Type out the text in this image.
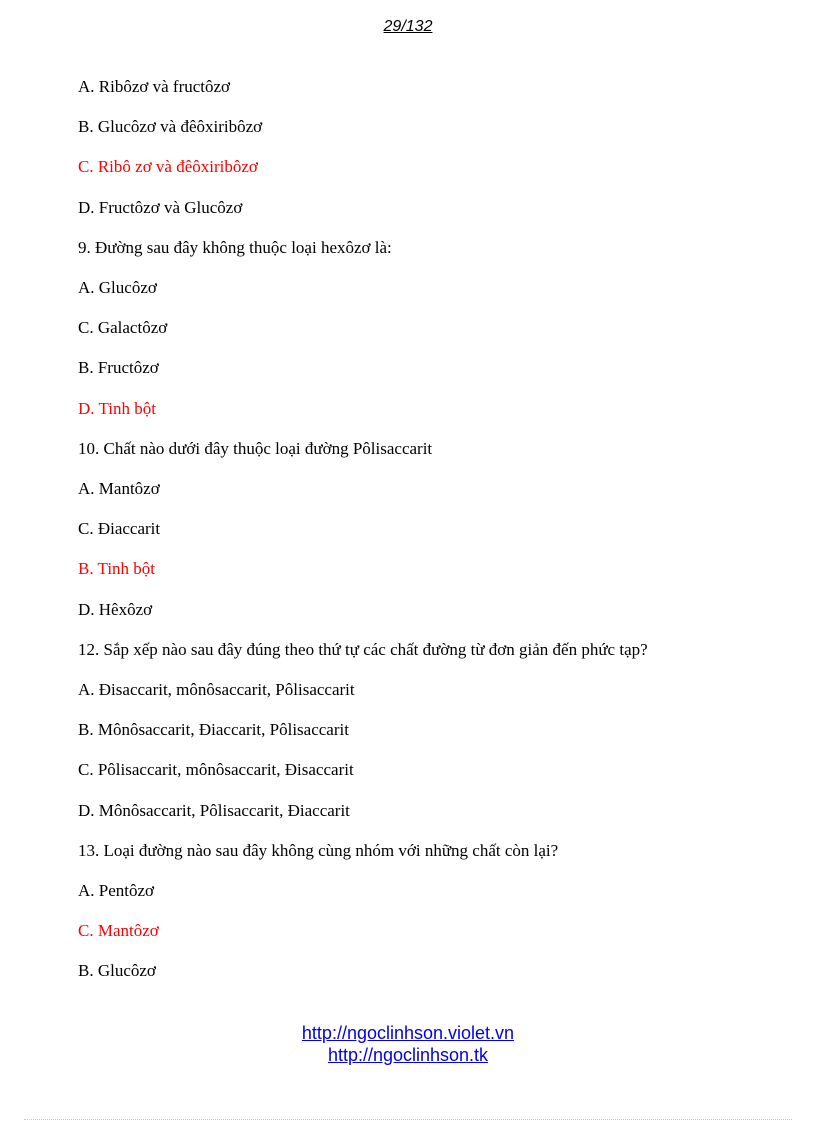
29/132
A. Ribôzơ và fructôzơ
B. Glucôzơ và đêôxiribôzơ
C. Ribô zơ và đêôxiribôzơ
D. Fructôzơ và Glucôzơ
9. Đường sau đây không thuộc loại hexôzơ là:
A. Glucôzơ
C. Galactôzơ
B. Fructôzơ
D. Tinh bột
10. Chất nào dưới đây thuộc loại đường Pôlisaccarit
A. Mantôzơ
C. Điaccarit
B. Tinh bột
D. Hêxôzơ
12. Sắp xếp nào sau đây đúng theo thứ tự các chất đường từ đơn giản đến phức tạp?
A. Đisaccarit, mônôsaccarit, Pôlisaccarit
B. Mônôsaccarit, Điaccarit, Pôlisaccarit
C. Pôlisaccarit, mônôsaccarit, Đisaccarit
D. Mônôsaccarit, Pôlisaccarit, Điaccarit
13. Loại đường nào sau đây không cùng nhóm với những chất còn lại?
A. Pentôzơ
C. Mantôzơ
B. Glucôzơ
http://ngoclinhson.violet.vn
http://ngoclinhson.tk
